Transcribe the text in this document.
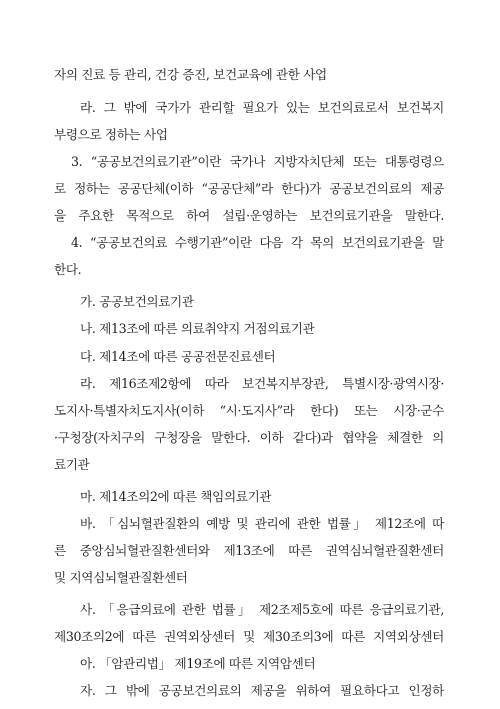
자의 진료 등 관리, 건강 증진, 보건교육에 관한 사업
라. 그 밖에 국가가 관리할 필요가 있는 보건의료로서 보건복지
부령으로 정하는 사업
3. “공공보건의료기관”이란 국가나 지방자치단체 또는 대통령령으
로 정하는 공공단체(이하 “공공단체”라 한다)가 공공보건의료의 제공
을 주요한 목적으로 하여 설립·운영하는 보건의료기관을 말한다.
4. “공공보건의료 수행기관”이란 다음 각 목의 보건의료기관을 말
한다.
가. 공공보건의료기관
나. 제13조에 따른 의료취약지 거점의료기관
다. 제14조에 따른 공공전문진료센터
라. 제16조제2항에 따라 보건복지부장관, 특별시장·광역시장·
도지사·특별자치도지사(이하 “시·도지사”라 한다) 또는 시장·군수
·구청장(자치구의 구청장을 말한다. 이하 같다)과 협약을 체결한 의
료기관
마. 제14조의2에 따른 책임의료기관
바. 「심뇌혈관질환의 예방 및 관리에 관한 법률」 제12조에 따
른 중앙심뇌혈관질환센터와 제13조에 따른 권역심뇌혈관질환센터
및 지역심뇌혈관질환센터
사. 「응급의료에 관한 법률」 제2조제5호에 따른 응급의료기관,
제30조의2에 따른 권역외상센터 및 제30조의3에 따른 지역외상센터
아. 「암관리법」 제19조에 따른 지역암센터
자. 그 밖에 공공보건의료의 제공을 위하여 필요하다고 인정하
